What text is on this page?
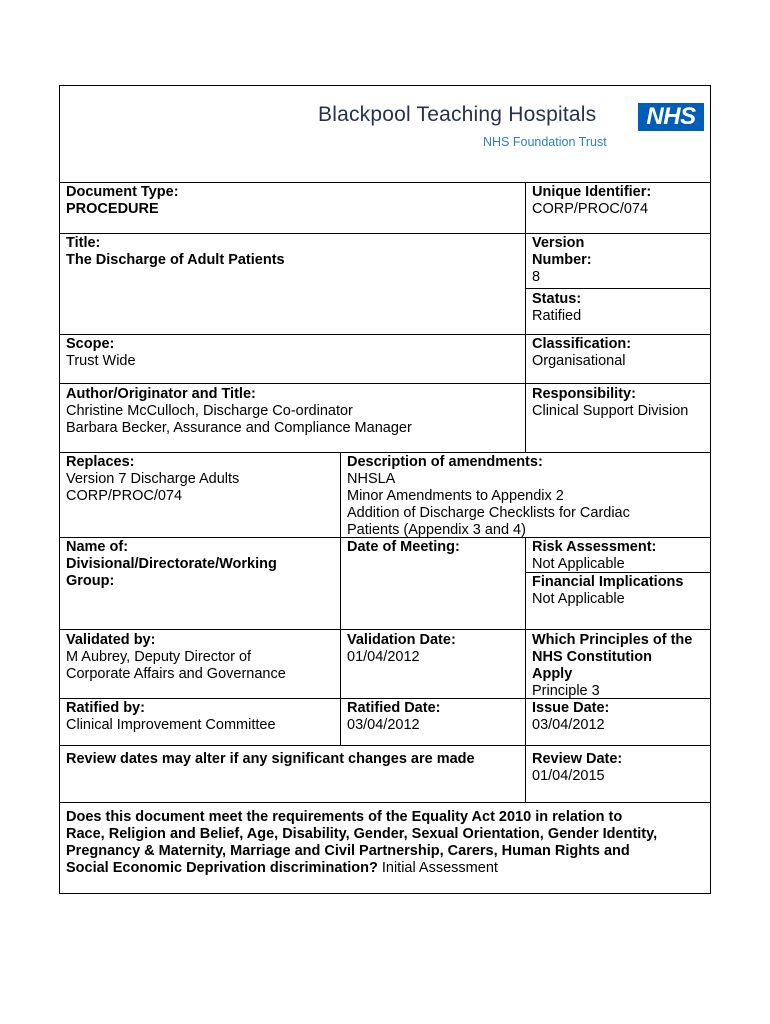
Blackpool Teaching Hospitals
NHS Foundation Trust
NHS
Document Type:
PROCEDURE
Unique Identifier:
CORP/PROC/074
Title:
The Discharge of Adult Patients
Version
Number:
8
Status:
Ratified
Scope:
Trust Wide
Classification:
Organisational
Author/Originator and Title:
Christine McCulloch, Discharge Co-ordinator
Barbara Becker, Assurance and Compliance Manager
Responsibility:
Clinical Support Division
Replaces:
Version 7 Discharge Adults
CORP/PROC/074
Description of amendments:
NHSLA
Minor Amendments to Appendix 2
Addition of Discharge Checklists for Cardiac
Patients (Appendix 3 and 4)
Name of:
Divisional/Directorate/Working
Group:
Date of Meeting:	Risk Assessment:
Not Applicable
Financial Implications
Not Applicable
Validated by:
M Aubrey, Deputy Director of
Corporate Affairs and Governance
Validation Date:
01/04/2012
Which Principles of the
NHS Constitution
Apply
Principle 3
Ratified by:
Clinical Improvement Committee
Ratified Date:
03/04/2012
Issue Date:
03/04/2012
Review dates may alter if any significant changes are made	Review Date:
01/04/2015
Does this document meet the requirements of the Equality Act 2010 in relation to
Race, Religion and Belief, Age, Disability, Gender, Sexual Orientation, Gender Identity,
Pregnancy & Maternity, Marriage and Civil Partnership, Carers, Human Rights and
Social Economic Deprivation discrimination? Initial Assessment
